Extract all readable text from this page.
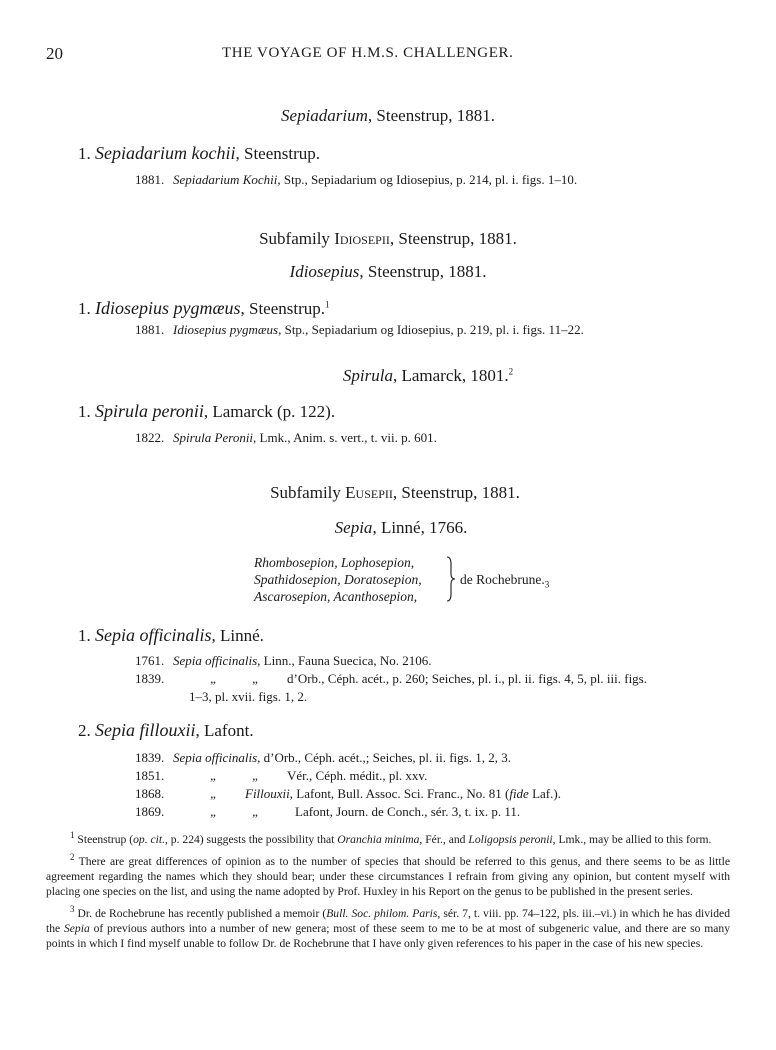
20	THE VOYAGE OF H.M.S. CHALLENGER.
Sepiadarium, Steenstrup, 1881.
1. Sepiadarium kochii, Steenstrup.
1881. Sepiadarium Kochii, Stp., Sepiadarium og Idiosepius, p. 214, pl. i. figs. 1–10.
Subfamily Idiosepii, Steenstrup, 1881.
Idiosepius, Steenstrup, 1881.
1. Idiosepius pygmæus, Steenstrup.$^1$
1881. Idiosepius pygmæus, Stp., Sepiadarium og Idiosepius, p. 219, pl. i. figs. 11–22.
Spirula, Lamarck, 1801.$^2$
1. Spirula peronii, Lamarck (p. 122).
1822. Spirula Peronii, Lmk., Anim. s. vert., t. vii. p. 601.
Subfamily Eusepii, Steenstrup, 1881.
Sepia, Linné, 1766.
Rhombosepion, Lophosepion,
Spathidosepion, Doratosepion,
Ascarosepion, Acanthosepion,
de $Rochebrune._3$
1. Sepia officinalis, Linné.
1761. Sepia officinalis, Linn., Fauna Suecica, No. 2106.
1839.	„	„ d’Orb., Céph. acét., p. 260; Seiches, pl. i., pl. ii. figs. 4, 5, pl. iii. figs.
1–3, pl. xvii. figs. 1, 2.
2. Sepia fillouxii, Lafont.
1839. Sepia officinalis, d’Orb., Céph. acét.,; Seiches, pl. ii. figs. 1, 2, 3.
1851.	„	„ Vér., Céph. médit., pl. xxv.
1868.	„ Fillouxii, Lafont, Bull. Assoc. Sci. Franc., No. 81 (fide Laf.).
1869.	„	„	Lafont, Journ. de Conch., sér. 3, t. ix. p. 11.

$^1$ Steenstrup (op. cit., p. 224) suggests the possibility that Oranchia minima, Fér., and Loligopsis peronii, Lmk., may be allied to this form.

$^2$ There are great differences of opinion as to the number of species that should be referred to this genus, and there seems to be as little agreement regarding the names which they should bear; under these circumstances I refrain from giving any opinion, but content myself with placing one species on the list, and using the name adopted by Prof. Huxley in his Report on the genus to be published in the present series.

$^3$ Dr. de Rochebrune has recently published a memoir (Bull. Soc. philom. Paris, sér. 7, t. viii. pp. 74–122, pls. iii.–vi.) in which he has divided the Sepia of previous authors into a number of new genera; most of these seem to me to be at most of subgeneric value, and there are so many points in which I find myself unable to follow Dr. de Rochebrune that I have only given references to his paper in the case of his new species.
